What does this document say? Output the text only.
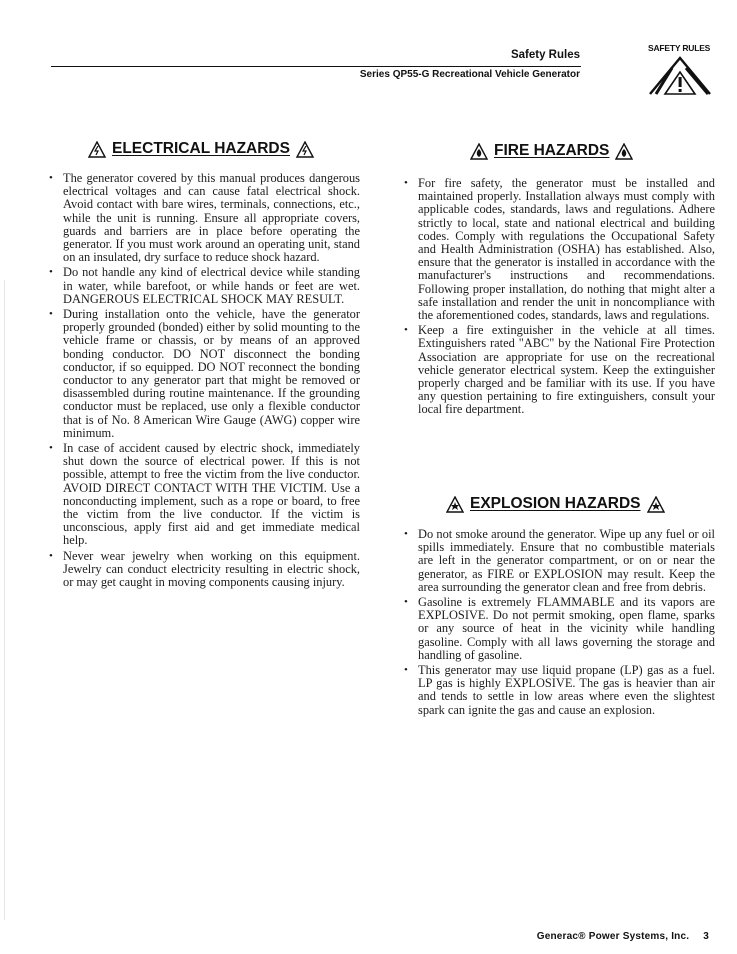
Safety Rules
Series QP55-G Recreational Vehicle Generator
SAFETY RULES
ELECTRICAL HAZARDS
• The generator covered by this manual produces dangerous electrical voltages and can cause fatal electrical shock. Avoid contact with bare wires, terminals, connections, etc., while the unit is running. Ensure all appropriate covers, guards and barriers are in place before operating the generator. If you must work around an operating unit, stand on an insulated, dry surface to reduce shock hazard.
• Do not handle any kind of electrical device while standing in water, while barefoot, or while hands or feet are wet. DANGEROUS ELECTRICAL SHOCK MAY RESULT.
• During installation onto the vehicle, have the generator properly grounded (bonded) either by solid mounting to the vehicle frame or chassis, or by means of an approved bonding conductor. DO NOT disconnect the bonding conductor, if so equipped. DO NOT reconnect the bonding conductor to any generator part that might be removed or disassembled during routine maintenance. If the grounding conductor must be replaced, use only a flexible conductor that is of No. 8 American Wire Gauge (AWG) copper wire minimum.
• In case of accident caused by electric shock, immediately shut down the source of electrical power. If this is not possible, attempt to free the victim from the live conductor. AVOID DIRECT CONTACT WITH THE VICTIM. Use a nonconducting implement, such as a rope or board, to free the victim from the live conductor. If the victim is unconscious, apply first aid and get immediate medical help.
• Never wear jewelry when working on this equipment. Jewelry can conduct electricity resulting in electric shock, or may get caught in moving components causing injury.
FIRE HAZARDS
• For fire safety, the generator must be installed and maintained properly. Installation always must comply with applicable codes, standards, laws and regulations. Adhere strictly to local, state and national electrical and building codes. Comply with regulations the Occupational Safety and Health Administration (OSHA) has established. Also, ensure that the generator is installed in accordance with the manufacturer's instructions and recommendations. Following proper installation, do nothing that might alter a safe installation and render the unit in noncompliance with the aforementioned codes, standards, laws and regulations.
• Keep a fire extinguisher in the vehicle at all times. Extinguishers rated "ABC" by the National Fire Protection Association are appropriate for use on the recreational vehicle generator electrical system. Keep the extinguisher properly charged and be familiar with its use. If you have any question pertaining to fire extinguishers, consult your local fire department.
EXPLOSION HAZARDS
• Do not smoke around the generator. Wipe up any fuel or oil spills immediately. Ensure that no combustible materials are left in the generator compartment, or on or near the generator, as FIRE or EXPLOSION may result. Keep the area surrounding the generator clean and free from debris.
• Gasoline is extremely FLAMMABLE and its vapors are EXPLOSIVE. Do not permit smoking, open flame, sparks or any source of heat in the vicinity while handling gasoline. Comply with all laws governing the storage and handling of gasoline.
• This generator may use liquid propane (LP) gas as a fuel. LP gas is highly EXPLOSIVE. The gas is heavier than air and tends to settle in low areas where even the slightest spark can ignite the gas and cause an explosion.
Generac® Power Systems, Inc. 3
